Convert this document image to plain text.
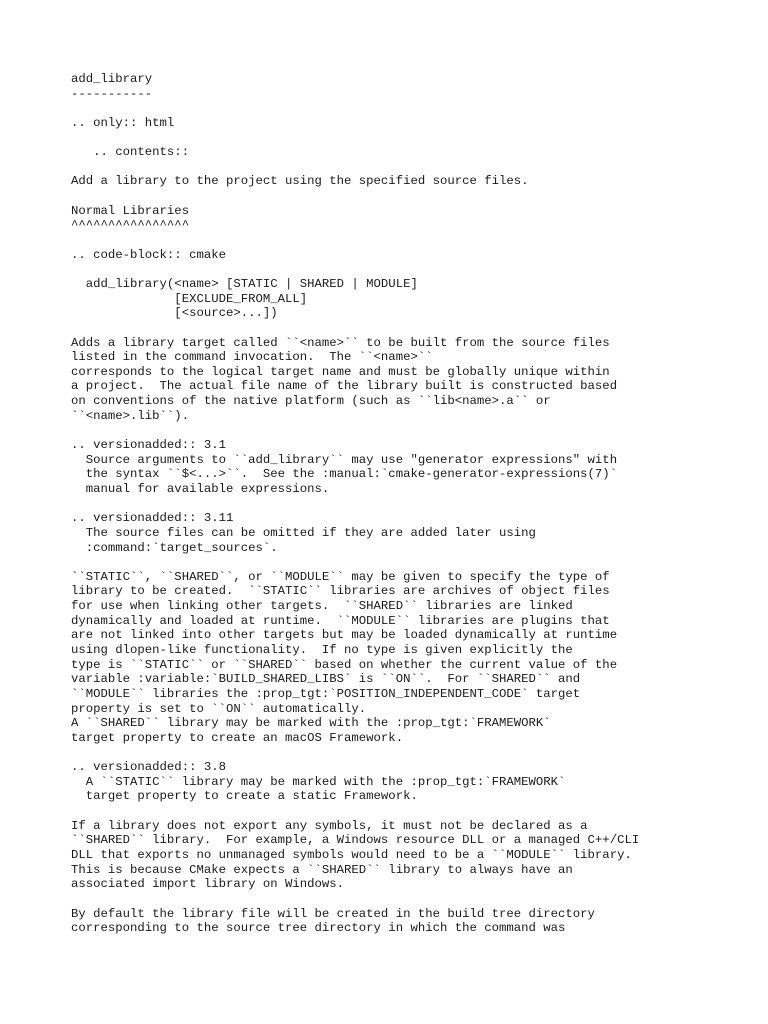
add_library
-----------
.. only:: html
.. contents::
Add a library to the project using the specified source files.
Normal Libraries
^^^^^^^^^^^^^^^^
.. code-block:: cmake
add_library(<name> [STATIC | SHARED | MODULE]
[EXCLUDE_FROM_ALL]
[<source>...])
Adds a library target called ``<name>`` to be built from the source files
listed in the command invocation.  The ``<name>``
corresponds to the logical target name and must be globally unique within
a project.  The actual file name of the library built is constructed based
on conventions of the native platform (such as ``lib<name>.a`` or
``<name>.lib``).
.. versionadded:: 3.1
Source arguments to ``add_library`` may use "generator expressions" with
the syntax ``$<...>``.  See the :manual:`cmake-generator-expressions(7)`
manual for available expressions.
.. versionadded:: 3.11
The source files can be omitted if they are added later using
:command:`target_sources`.
``STATIC``, ``SHARED``, or ``MODULE`` may be given to specify the type of
library to be created.  ``STATIC`` libraries are archives of object files
for use when linking other targets.  ``SHARED`` libraries are linked
dynamically and loaded at runtime.  ``MODULE`` libraries are plugins that
are not linked into other targets but may be loaded dynamically at runtime
using dlopen-like functionality.  If no type is given explicitly the
type is ``STATIC`` or ``SHARED`` based on whether the current value of the
variable :variable:`BUILD_SHARED_LIBS` is ``ON``.  For ``SHARED`` and
``MODULE`` libraries the :prop_tgt:`POSITION_INDEPENDENT_CODE` target
property is set to ``ON`` automatically.
A ``SHARED`` library may be marked with the :prop_tgt:`FRAMEWORK`
target property to create an macOS Framework.
.. versionadded:: 3.8
A ``STATIC`` library may be marked with the :prop_tgt:`FRAMEWORK`
target property to create a static Framework.
If a library does not export any symbols, it must not be declared as a
``SHARED`` library.  For example, a Windows resource DLL or a managed C++/CLI
DLL that exports no unmanaged symbols would need to be a ``MODULE`` library.
This is because CMake expects a ``SHARED`` library to always have an
associated import library on Windows.
By default the library file will be created in the build tree directory
corresponding to the source tree directory in which the command was
